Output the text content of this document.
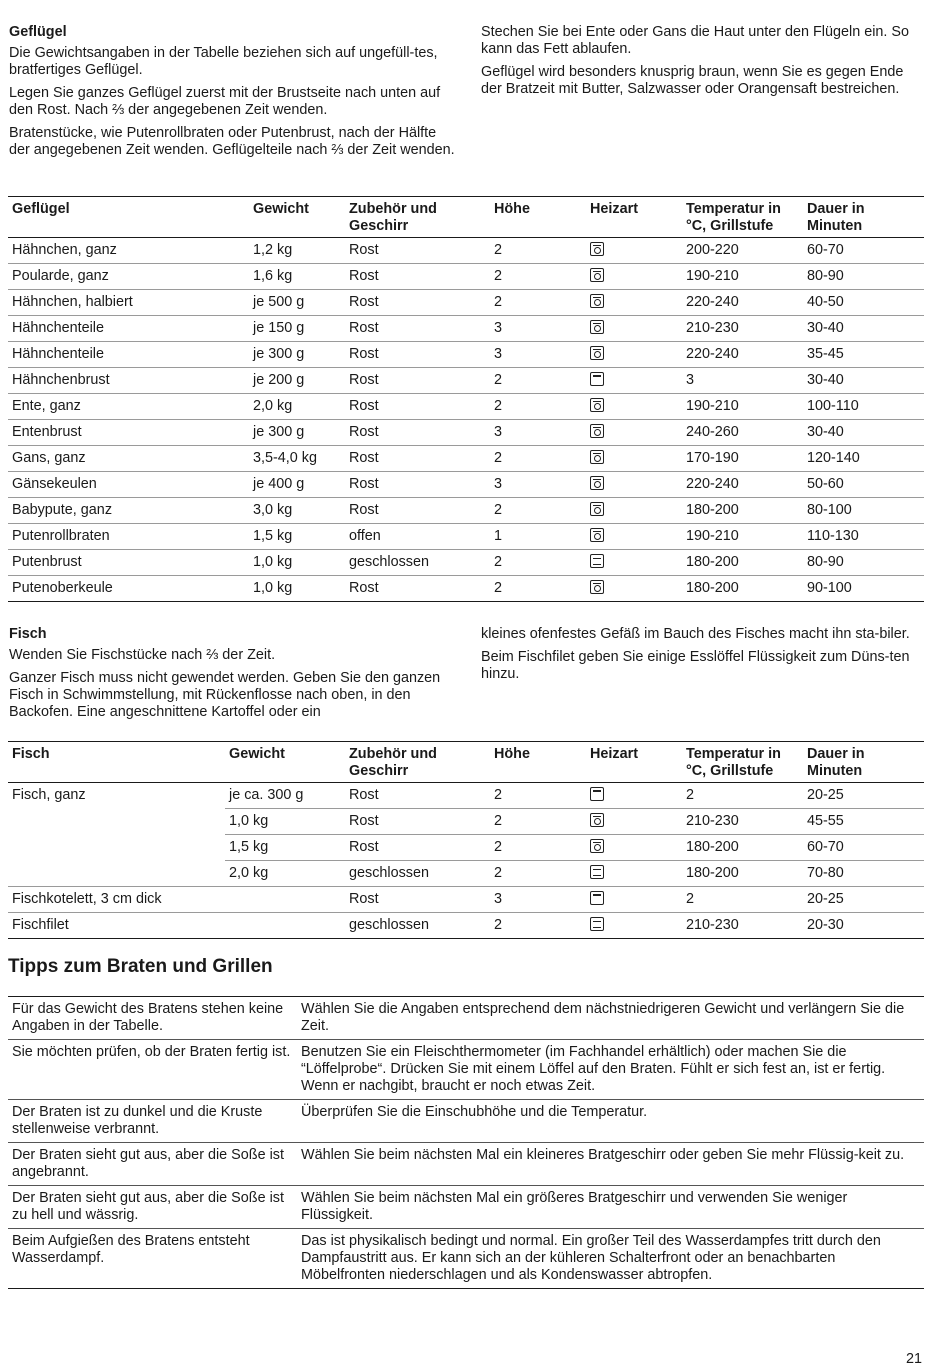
Geflügel

Die Gewichtsangaben in der Tabelle beziehen sich auf ungefüll-tes, bratfertiges Geflügel.

Legen Sie ganzes Geflügel zuerst mit der Brustseite nach unten auf den Rost. Nach ⅔ der angegebenen Zeit wenden.

Bratenstücke, wie Putenrollbraten oder Putenbrust, nach der Hälfte der angegebenen Zeit wenden. Geflügelteile nach ⅔ der Zeit wenden.

Stechen Sie bei Ente oder Gans die Haut unter den Flügeln ein. So kann das Fett ablaufen.

Geflügel wird besonders knusprig braun, wenn Sie es gegen Ende der Bratzeit mit Butter, Salzwasser oder Orangensaft bestreichen.

Geflügel	Gewicht	Zubehör und Geschirr	Höhe	Heizart	Temperatur in °C, Grillstufe	Dauer in Minuten
Hähnchen, ganz	1,2 kg	Rost	2		200-220	60-70
Poularde, ganz	1,6 kg	Rost	2		190-210	80-90
Hähnchen, halbiert	je 500 g	Rost	2		220-240	40-50
Hähnchenteile	je 150 g	Rost	3		210-230	30-40
Hähnchenteile	je 300 g	Rost	3		220-240	35-45
Hähnchenbrust	je 200 g	Rost	2		3	30-40
Ente, ganz	2,0 kg	Rost	2		190-210	100-110
Entenbrust	je 300 g	Rost	3		240-260	30-40
Gans, ganz	3,5-4,0 kg	Rost	2		170-190	120-140
Gänsekeulen	je 400 g	Rost	3		220-240	50-60
Babypute, ganz	3,0 kg	Rost	2		180-200	80-100
Putenrollbraten	1,5 kg	offen	1		190-210	110-130
Putenbrust	1,0 kg	geschlossen	2		180-200	80-90
Putenoberkeule	1,0 kg	Rost	2		180-200	90-100
Fisch

Wenden Sie Fischstücke nach ⅔ der Zeit.

Ganzer Fisch muss nicht gewendet werden. Geben Sie den ganzen Fisch in Schwimmstellung, mit Rückenflosse nach oben, in den Backofen. Eine angeschnittene Kartoffel oder ein

kleines ofenfestes Gefäß im Bauch des Fisches macht ihn sta-biler.

Beim Fischfilet geben Sie einige Esslöffel Flüssigkeit zum Düns-ten hinzu.

Fisch	Gewicht	Zubehör und Geschirr	Höhe	Heizart	Temperatur in °C, Grillstufe	Dauer in Minuten
Fisch, ganz	je ca. 300 g	Rost	2		2	20-25
	1,0 kg	Rost	2		210-230	45-55
	1,5 kg	Rost	2		180-200	60-70
	2,0 kg	geschlossen	2		180-200	70-80
Fischkotelett, 3 cm dick		Rost	3		2	20-25
Fischfilet		geschlossen	2		210-230	20-30
Tipps zum Braten und Grillen
Für das Gewicht des Bratens stehen keine Angaben in der Tabelle.	Wählen Sie die Angaben entsprechend dem nächstniedrigeren Gewicht und verlängern Sie die Zeit.
Sie möchten prüfen, ob der Braten fertig ist.	Benutzen Sie ein Fleischthermometer (im Fachhandel erhältlich) oder machen Sie die “Löffelprobe“. Drücken Sie mit einem Löffel auf den Braten. Fühlt er sich fest an, ist er fertig. Wenn er nachgibt, braucht er noch etwas Zeit.
Der Braten ist zu dunkel und die Kruste stellenweise verbrannt.	Überprüfen Sie die Einschubhöhe und die Temperatur.
Der Braten sieht gut aus, aber die Soße ist angebrannt.	Wählen Sie beim nächsten Mal ein kleineres Bratgeschirr oder geben Sie mehr Flüssig-keit zu.
Der Braten sieht gut aus, aber die Soße ist zu hell und wässrig.	Wählen Sie beim nächsten Mal ein größeres Bratgeschirr und verwenden Sie weniger Flüssigkeit.
Beim Aufgießen des Bratens entsteht Wasserdampf.	Das ist physikalisch bedingt und normal. Ein großer Teil des Wasserdampfes tritt durch den Dampfaustritt aus. Er kann sich an der kühleren Schalterfront oder an benachbarten Möbelfronten niederschlagen und als Kondenswasser abtropfen.
21
